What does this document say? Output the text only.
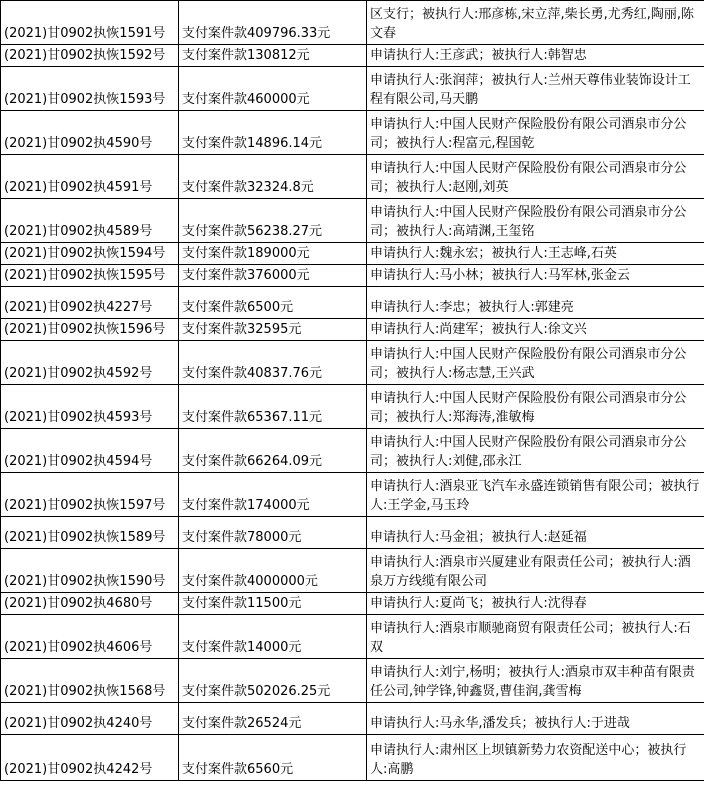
(2021)甘0902执恢1591号	支付案件款409796.33元	区支行；被执行人:邢彦栋,宋立萍,柴长勇,尤秀红,陶丽,陈文春
(2021)甘0902执恢1592号	支付案件款130812元	申请执行人:王彦武；被执行人:韩智忠
(2021)甘0902执恢1593号	支付案件款460000元	申请执行人:张润萍；被执行人:兰州天尊伟业装饰设计工程有限公司,马天鹏
(2021)甘0902执4590号	支付案件款14896.14元	申请执行人:中国人民财产保险股份有限公司酒泉市分公司；被执行人:程富元,程国乾
(2021)甘0902执4591号	支付案件款32324.8元	申请执行人:中国人民财产保险股份有限公司酒泉市分公司；被执行人:赵刚,刘英
(2021)甘0902执4589号	支付案件款56238.27元	申请执行人:中国人民财产保险股份有限公司酒泉市分公司；被执行人:高靖渊,王玺铭
(2021)甘0902执恢1594号	支付案件款189000元	申请执行人:魏永宏；被执行人:王志峰,石英
(2021)甘0902执恢1595号	支付案件款376000元	申请执行人:马小林；被执行人:马军林,张金云
(2021)甘0902执4227号	支付案件款6500元	申请执行人:李忠；被执行人:郭建亮
(2021)甘0902执恢1596号	支付案件款32595元	申请执行人:尚建军；被执行人:徐文兴
(2021)甘0902执4592号	支付案件款40837.76元	申请执行人:中国人民财产保险股份有限公司酒泉市分公司；被执行人:杨志慧,王兴武
(2021)甘0902执4593号	支付案件款65367.11元	申请执行人:中国人民财产保险股份有限公司酒泉市分公司；被执行人:郑海涛,淮敏梅
(2021)甘0902执4594号	支付案件款66264.09元	申请执行人:中国人民财产保险股份有限公司酒泉市分公司；被执行人:刘健,邵永江
(2021)甘0902执恢1597号	支付案件款174000元	申请执行人:酒泉亚飞汽车永盛连锁销售有限公司；被执行人:王学金,马玉玲
(2021)甘0902执恢1589号	支付案件款78000元	申请执行人:马金祖；被执行人:赵延福
(2021)甘0902执恢1590号	支付案件款4000000元	申请执行人:酒泉市兴厦建业有限责任公司；被执行人:酒泉万方线缆有限公司
(2021)甘0902执4680号	支付案件款11500元	申请执行人:夏尚飞；被执行人:沈得春
(2021)甘0902执4606号	支付案件款14000元	申请执行人:酒泉市顺驰商贸有限责任公司；被执行人:石双
(2021)甘0902执恢1568号	支付案件款502026.25元	申请执行人:刘宁,杨明；被执行人:酒泉市双丰种苗有限责任公司,钟学锋,钟鑫贤,曹佳润,龚雪梅
(2021)甘0902执4240号	支付案件款26524元	申请执行人:马永华,潘发兵；被执行人:于进哉
(2021)甘0902执4242号	支付案件款6560元	申请执行人:肃州区上坝镇新势力农资配送中心；被执行人:高鹏
